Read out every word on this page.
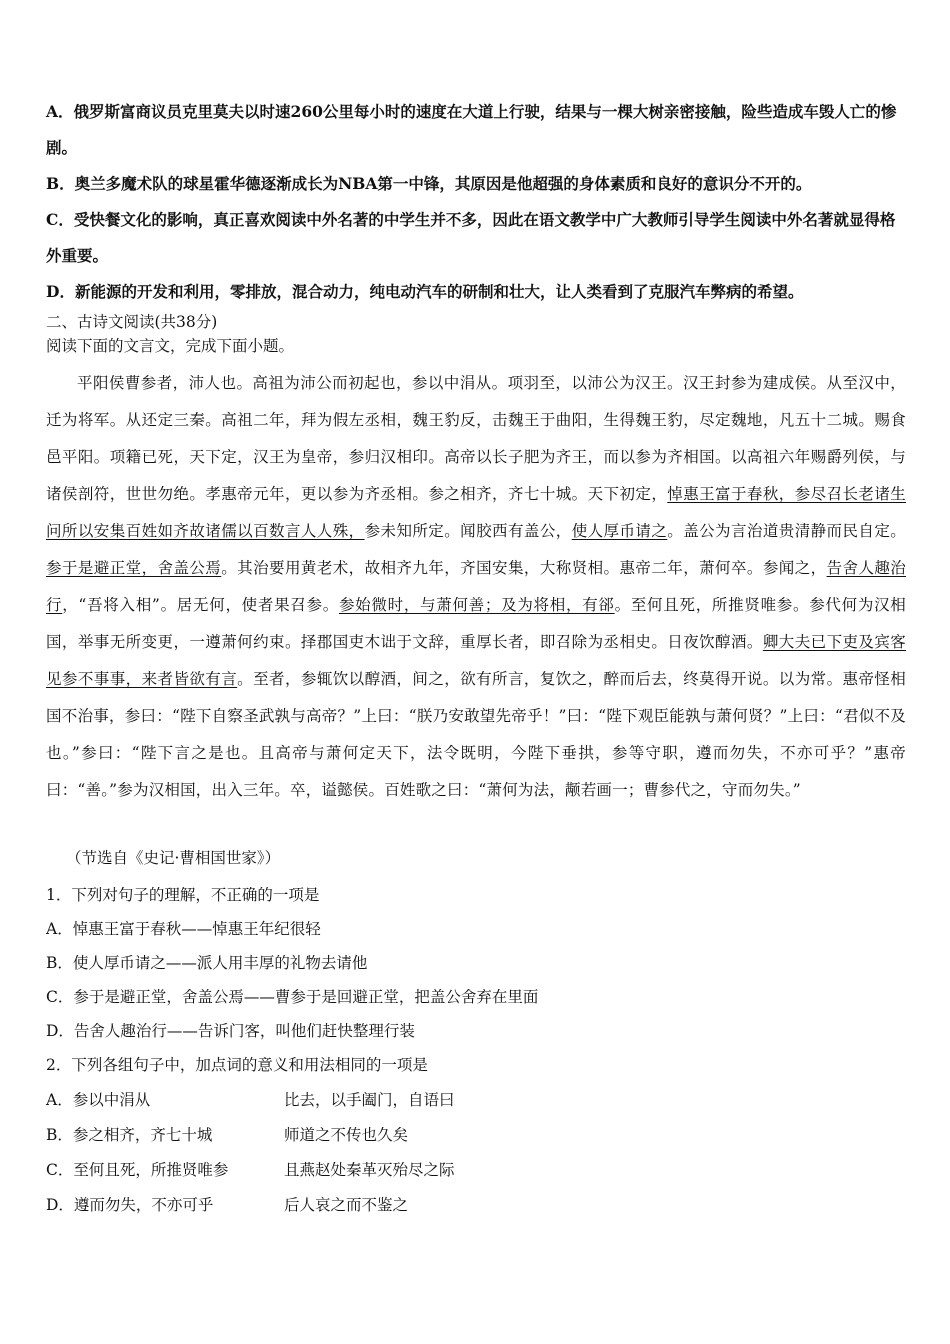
A．俄罗斯富商议员克里莫夫以时速260公里每小时的速度在大道上行驶，结果与一棵大树亲密接触，险些造成车毁人亡的惨剧。

B．奥兰多魔术队的球星霍华德逐渐成长为NBA第一中锋，其原因是他超强的身体素质和良好的意识分不开的。

C．受快餐文化的影响，真正喜欢阅读中外名著的中学生并不多，因此在语文教学中广大教师引导学生阅读中外名著就显得格外重要。

D．新能源的开发和利用，零排放，混合动力，纯电动汽车的研制和壮大，让人类看到了克服汽车弊病的希望。

二、古诗文阅读(共38分)

阅读下面的文言文，完成下面小题。

平阳侯曹参者，沛人也。高祖为沛公而初起也，参以中涓从。项羽至，以沛公为汉王。汉王封参为建成侯。从至汉中，迁为将军。从还定三秦。高祖二年，拜为假左丞相，魏王豹反，击魏王于曲阳，生得魏王豹，尽定魏地，凡五十二城。赐食邑平阳。项籍已死，天下定，汉王为皇帝，参归汉相印。高帝以长子肥为齐王，而以参为齐相国。以高祖六年赐爵列侯，与诸侯剖符，世世勿绝。孝惠帝元年，更以参为齐丞相。参之相齐，齐七十城。天下初定，悼惠王富于春秋，参尽召长老诸生问所以安集百姓如齐故诸儒以百数言人人殊，参未知所定。闻胶西有盖公，使人厚币请之。盖公为言治道贵清静而民自定。参于是避正堂，舍盖公焉。其治要用黄老术，故相齐九年，齐国安集，大称贤相。惠帝二年，萧何卒。参闻之，告舍人趣治行，“吾将入相”。居无何，使者果召参。参始微时，与萧何善；及为将相，有郤。至何且死，所推贤唯参。参代何为汉相国，举事无所变更，一遵萧何约束。择郡国吏木诎于文辞，重厚长者，即召除为丞相史。日夜饮醇酒。卿大夫已下吏及宾客见参不事事，来者皆欲有言。至者，参辄饮以醇酒，间之，欲有所言，复饮之，醉而后去，终莫得开说。以为常。惠帝怪相国不治事，参曰：“陛下自察圣武孰与高帝？”上曰：“朕乃安敢望先帝乎！”曰：“陛下观臣能孰与萧何贤？”上曰：“君似不及也。”参曰：“陛下言之是也。且高帝与萧何定天下，法令既明，今陛下垂拱，参等守职，遵而勿失，不亦可乎？”惠帝曰：“善。”参为汉相国，出入三年。卒，谥懿侯。百姓歌之曰：“萧何为法，颟若画一；曹参代之，守而勿失。”

（节选自《史记·曹相国世家》）

1．下列对句子的理解，不正确的一项是

A．悼惠王富于春秋——悼惠王年纪很轻

B．使人厚币请之——派人用丰厚的礼物去请他

C．参于是避正堂，舍盖公焉——曹参于是回避正堂，把盖公舍弃在里面

D．告舍人趣治行——告诉门客，叫他们赶快整理行装

2．下列各组句子中，加点词的意义和用法相同的一项是

A．参以中涓从	比去，以手阖门，自语曰

B．参之相齐，齐七十城	师道之不传也久矣

C．至何且死，所推贤唯参	且燕赵处秦革灭殆尽之际

D．遵而勿失，不亦可乎	后人哀之而不鉴之
